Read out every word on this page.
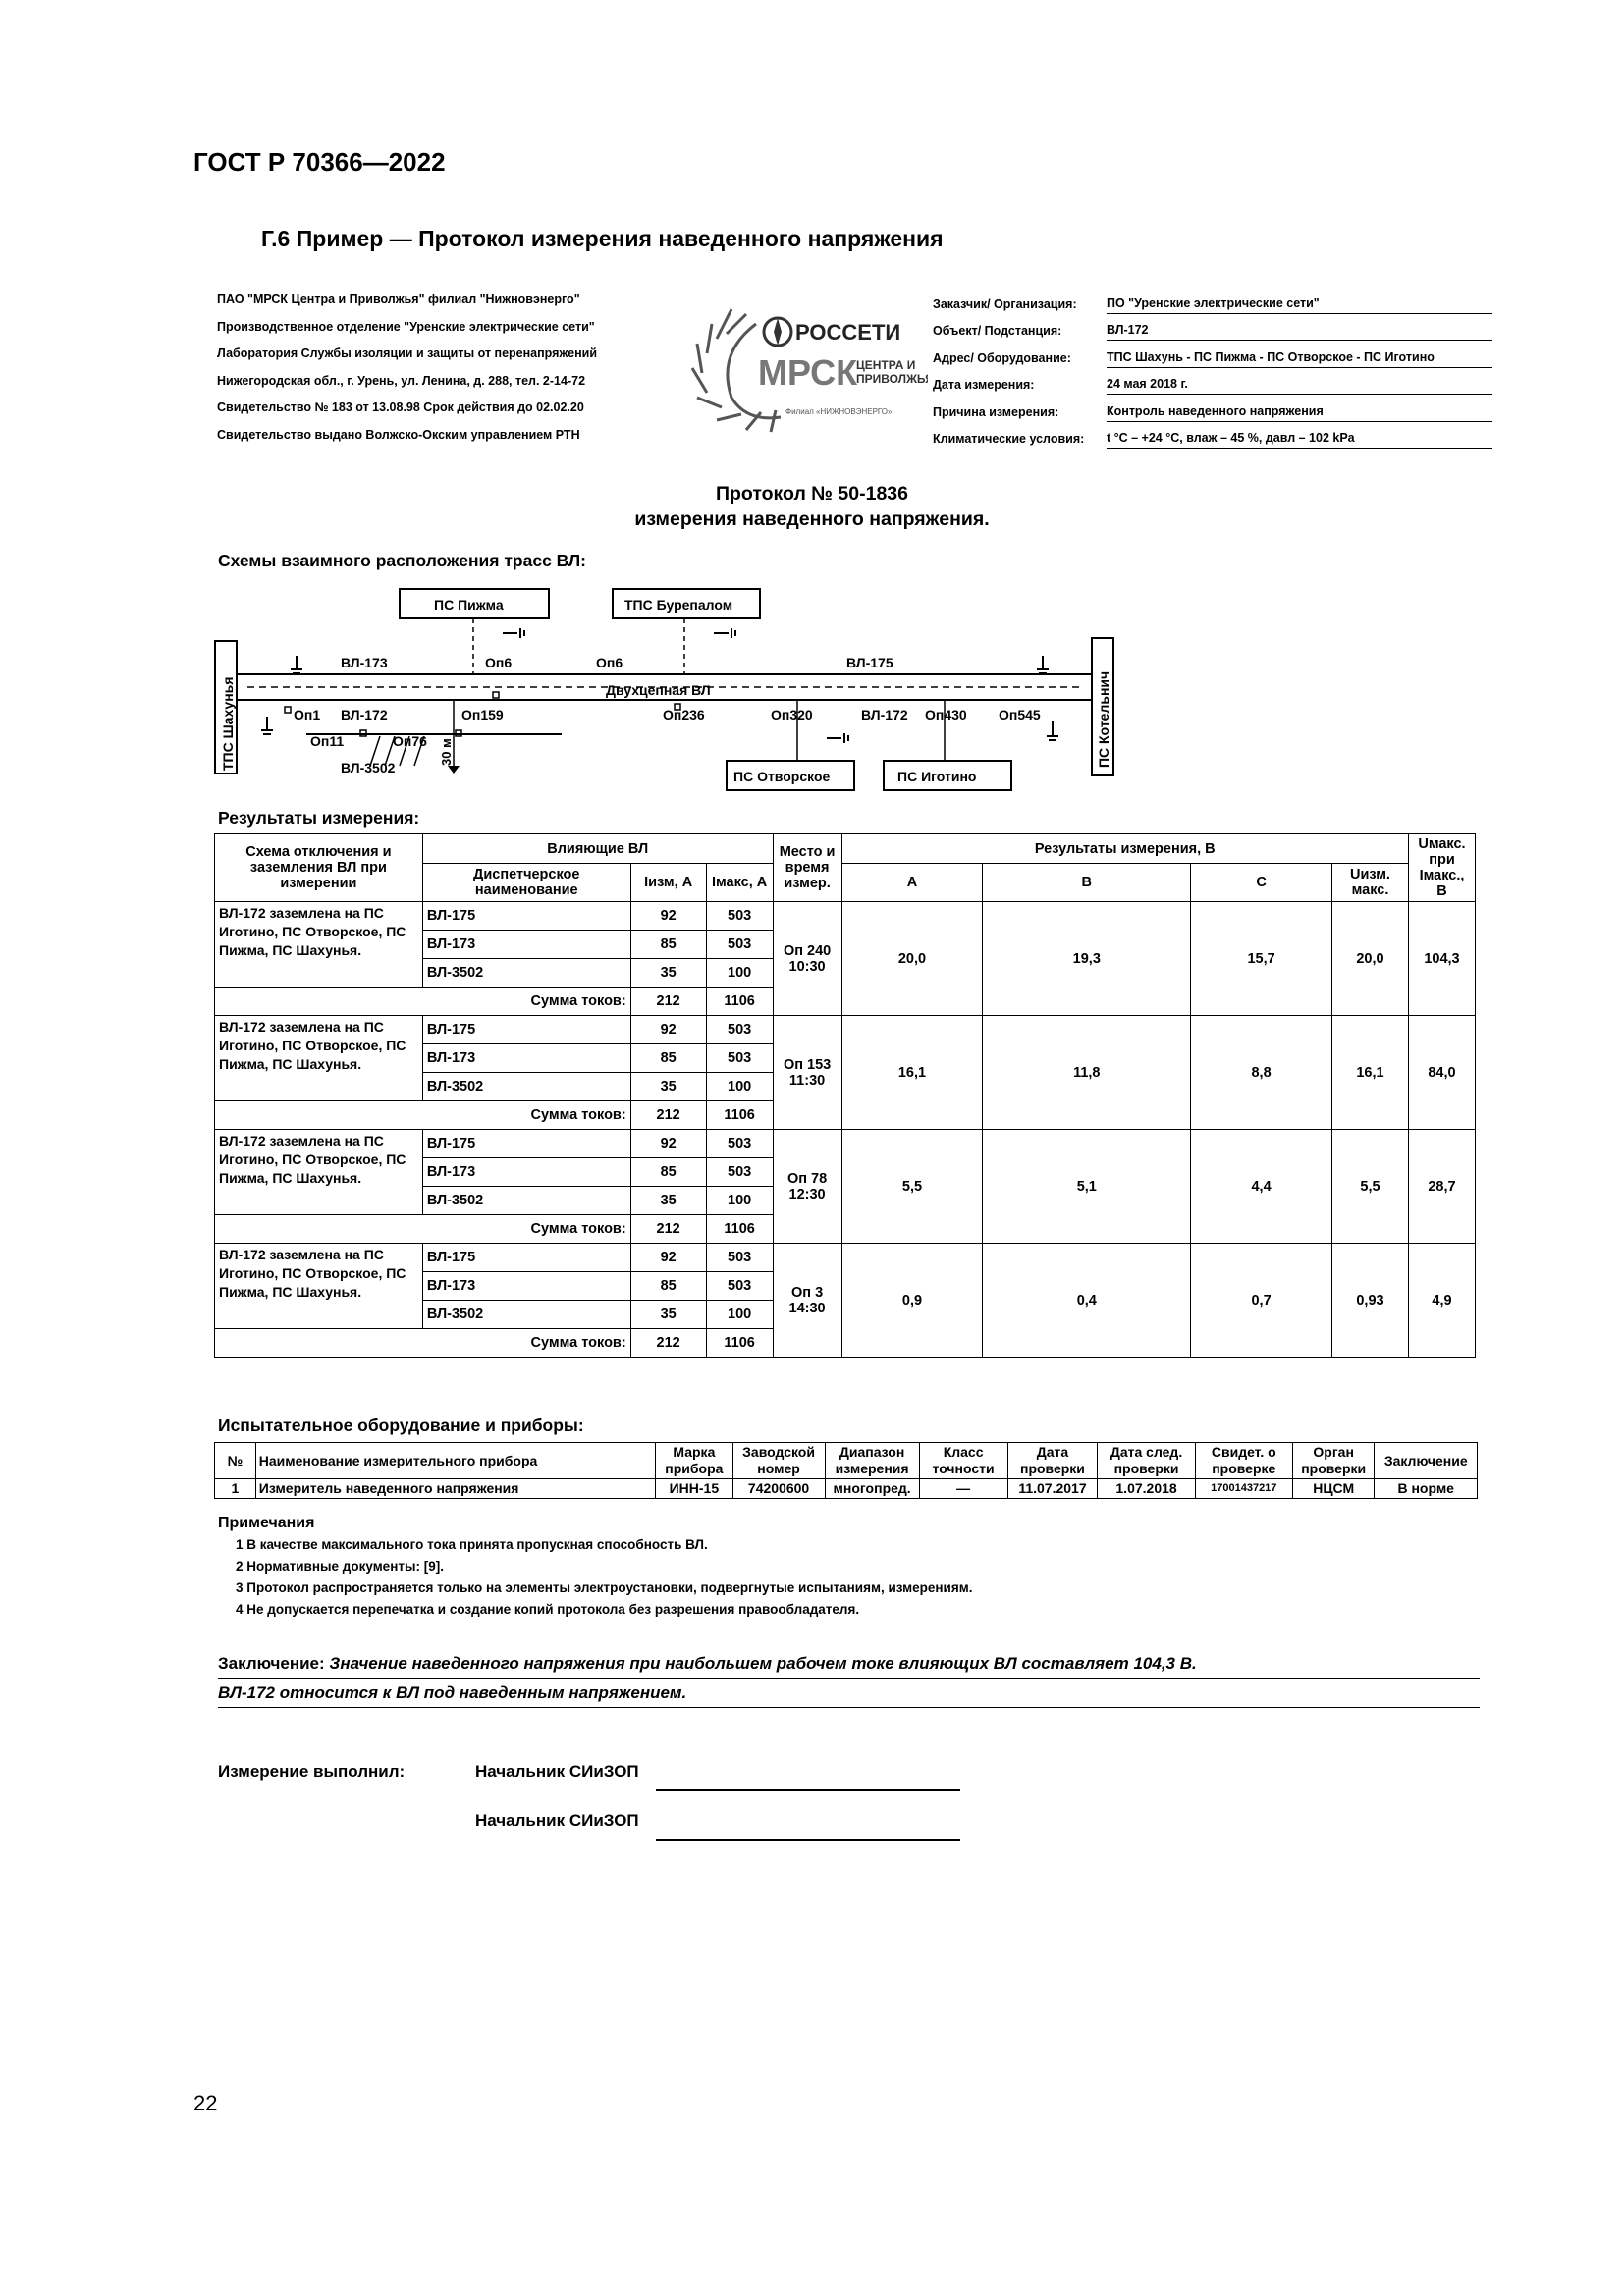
ГОСТ Р 70366—2022
Г.6 Пример — Протокол измерения наведенного напряжения
ПАО "МРСК Центра и Приволжья" филиал "Нижновэнерго"
Производственное отделение "Уренские электрические сети"
Лаборатория Службы изоляции и защиты от перенапряжений
Нижегородская обл., г. Урень, ул. Ленина, д. 288, тел. 2-14-72
Свидетельство № 183 от 13.08.98 Срок действия до 02.02.20
Свидетельство выдано Волжско-Окским управлением РТН
РОССЕТИ
МРСК
ЦЕНТРА И
ПРИВОЛЖЬЯ
Филиал «НИЖНОВЭНЕРГО»
Заказчик/ Организация:	ПО "Уренские электрические сети"
Объект/ Подстанция:	ВЛ-172
Адрес/ Оборудование:	ТПС Шахунь - ПС Пижма - ПС Отворское - ПС Иготино
Дата измерения:	24 мая 2018 г.
Причина измерения:	Контроль наведенного напряжения
Климатические условия:	t °С – +24 °С, влаж – 45 %, давл – 102 kPa
Протокол № 50-1836
измерения наведенного напряжения.
Схемы взаимного расположения трасс ВЛ:
ТПС Шахунья	ПС Котельнич
ПС Пижма	ТПС Бурепалом
ПС Отворское	ПС Иготино
30 м
ВЛ-173	ВЛ-175
ВЛ-172	ВЛ-172
ВЛ-3502
Двухцепная ВЛ
Оп6	Оп6
Оп1
Оп11	Оп76
Оп159	Оп236	Оп320	Оп430 Оп545
Результаты измерения:
Схема отключения и заземления ВЛ при измерении	Влияющие ВЛ			Место и время измер.	Результаты измерения, В				Uмакс. при Iмакс., В
	Диспетчерское наименование	Iизм, А	Iмакс, А		A	B	C	Uизм. макс.	
ВЛ-172 заземлена на ПС Иготино, ПС Отворское, ПС Пижма, ПС Шахунья.	ВЛ-175	92	503	Оп 240 10:30	20,0	19,3	15,7	20,0	104,3
	ВЛ-173	85	503						
	ВЛ-3502	35	100						
Сумма токов:		212	1106						
ВЛ-172 заземлена на ПС Иготино, ПС Отворское, ПС Пижма, ПС Шахунья.	ВЛ-175	92	503	Оп 153 11:30	16,1	11,8	8,8	16,1	84,0
	ВЛ-173	85	503						
	ВЛ-3502	35	100						
Сумма токов:		212	1106						
ВЛ-172 заземлена на ПС Иготино, ПС Отворское, ПС Пижма, ПС Шахунья.	ВЛ-175	92	503	Оп 78 12:30	5,5	5,1	4,4	5,5	28,7
	ВЛ-173	85	503						
	ВЛ-3502	35	100						
Сумма токов:		212	1106						
ВЛ-172 заземлена на ПС Иготино, ПС Отворское, ПС Пижма, ПС Шахунья.	ВЛ-175	92	503	Оп 3 14:30	0,9	0,4	0,7	0,93	4,9
	ВЛ-173	85	503						
	ВЛ-3502	35	100						
Сумма токов:		212	1106						
Испытательное оборудование и приборы:
№	Наименование измерительного прибора	Марка прибора	Заводской номер	Диапазон измерения	Класс точности	Дата проверки	Дата след. проверки	Свидет. о проверке	Орган проверки	Заключение
1	Измеритель наведенного напряжения	ИНН-15	74200600	многопред.	—	11.07.2017	1.07.2018	17001437217	НЦСМ	В норме
Примечания
1 В качестве максимального тока принята пропускная способность ВЛ.
2 Нормативные документы: [9].
3 Протокол распространяется только на элементы электроустановки, подвергнутые испытаниям, измерениям.
4 Не допускается перепечатка и создание копий протокола без разрешения правообладателя.
Заключение: Значение наведенного напряжения при наибольшем рабочем токе влияющих ВЛ составляет 104,3 В.
ВЛ-172 относится к ВЛ под наведенным напряжением.
Измерение выполнил:	Начальник СИиЗОП
Начальник СИиЗОП
22
